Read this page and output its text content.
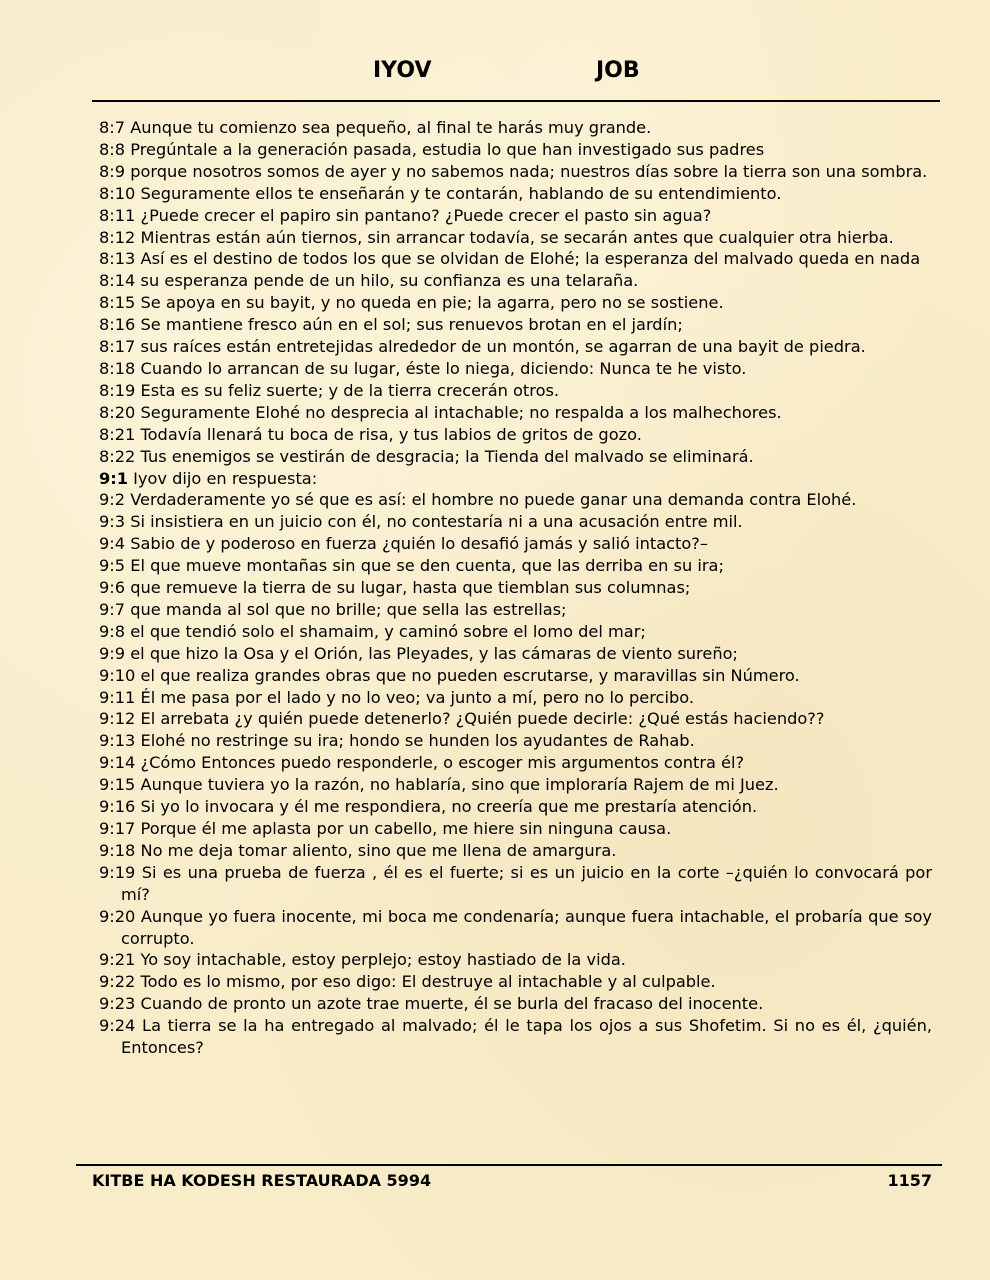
IYOV	JOB

8:7 Aunque tu comienzo sea pequeño, al final te harás muy grande.

8:8 Pregúntale a la generación pasada, estudia lo que han investigado sus padres

8:9 porque nosotros somos de ayer y no sabemos nada; nuestros días sobre la tierra son una sombra.

8:10 Seguramente ellos te enseñarán y te contarán, hablando de su entendimiento.

8:11 ¿Puede crecer el papiro sin pantano? ¿Puede crecer el pasto sin agua?

8:12 Mientras están aún tiernos, sin arrancar todavía, se secarán antes que cualquier otra hierba.

8:13 Así es el destino de todos los que se olvidan de Elohé; la esperanza del malvado queda en nada

8:14 su esperanza pende de un hilo, su confianza es una telaraña.

8:15 Se apoya en su bayit, y no queda en pie; la agarra, pero no se sostiene.

8:16 Se mantiene fresco aún en el sol; sus renuevos brotan en el jardín;

8:17 sus raíces están entretejidas alrededor de un montón, se agarran de una bayit de piedra.

8:18 Cuando lo arrancan de su lugar, éste lo niega, diciendo: Nunca te he visto.

8:19 Esta es su feliz suerte; y de la tierra crecerán otros.

8:20 Seguramente Elohé no desprecia al intachable; no respalda a los malhechores.

8:21 Todavía llenará tu boca de risa, y tus labios de gritos de gozo.

8:22 Tus enemigos se vestirán de desgracia; la Tienda del malvado se eliminará.

9:1 Iyov dijo en respuesta:

9:2 Verdaderamente yo sé que es así: el hombre no puede ganar una demanda contra Elohé.

9:3 Si insistiera en un juicio con él, no contestaría ni a una acusación entre mil.

9:4 Sabio de y poderoso en fuerza ¿quién lo desafió jamás y salió intacto?–

9:5 El que mueve montañas sin que se den cuenta, que las derriba en su ira;

9:6 que remueve la tierra de su lugar, hasta que tiemblan sus columnas;

9:7 que manda al sol que no brille; que sella las estrellas;

9:8 el que tendió solo el shamaim, y caminó sobre el lomo del mar;

9:9 el que hizo la Osa y el Orión, las Pleyades, y las cámaras de viento sureño;

9:10 el que realiza grandes obras que no pueden escrutarse, y maravillas sin Número.

9:11 Él me pasa por el lado y no lo veo; va junto a mí, pero no lo percibo.

9:12 El arrebata ¿y quién puede detenerlo? ¿Quién puede decirle: ¿Qué estás haciendo??

9:13 Elohé no restringe su ira; hondo se hunden los ayudantes de Rahab.

9:14 ¿Cómo Entonces puedo responderle, o escoger mis argumentos contra él?

9:15 Aunque tuviera yo la razón, no hablaría, sino que imploraría Rajem de mi Juez.

9:16 Si yo lo invocara y él me respondiera, no creería que me prestaría atención.

9:17 Porque él me aplasta por un cabello, me hiere sin ninguna causa.

9:18 No me deja tomar aliento, sino que me llena de amargura.

9:19 Si es una prueba de fuerza , él es el fuerte; si es un juicio en la corte –¿quién lo convocará por mí?

9:20 Aunque yo fuera inocente, mi boca me condenaría; aunque fuera intachable, el probaría que soy corrupto.

9:21 Yo soy intachable, estoy perplejo; estoy hastiado de la vida.

9:22 Todo es lo mismo, por eso digo: El destruye al intachable y al culpable.

9:23 Cuando de pronto un azote trae muerte, él se burla del fracaso del inocente.

9:24 La tierra se la ha entregado al malvado; él le tapa los ojos a sus Shofetim. Si no es él, ¿quién, Entonces?

KITBE HA KODESH RESTAURADA 5994	1157
